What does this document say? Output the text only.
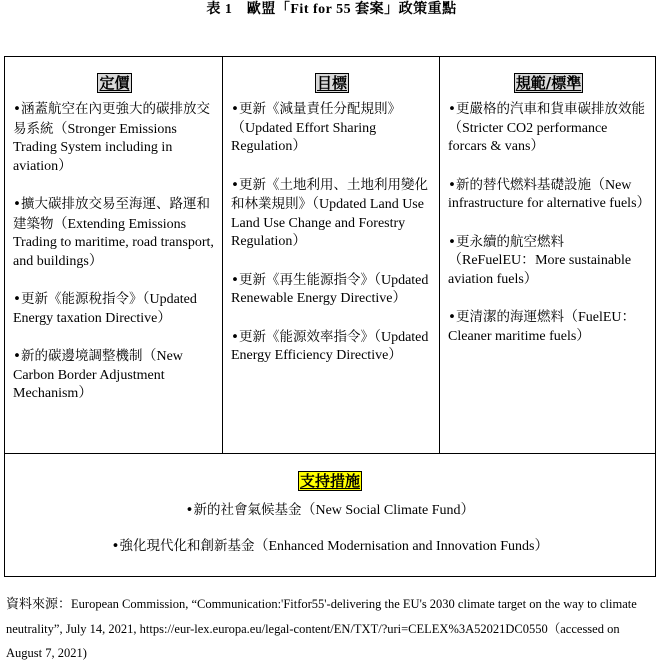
表 1　歐盟「Fit for 55 套案」政策重點
定價
•涵蓋航空在內更強大的碳排放交易系統（Stronger Emissions Trading System including in aviation）
•擴大碳排放交易至海運、路運和建築物（Extending Emissions Trading to maritime, road transport, and buildings）
•更新《能源稅指令》（Updated Energy taxation Directive）
•新的碳邊境調整機制（New Carbon Border Adjustment Mechanism）
目標
•更新《減量責任分配規則》（Updated Effort Sharing Regulation）
•更新《土地利用、土地利用變化和林業規則》（Updated Land Use Land Use Change and Forestry Regulation）
•更新《再生能源指令》（Updated Renewable Energy Directive）
•更新《能源效率指令》（Updated Energy Efficiency Directive）
規範/標準
•更嚴格的汽車和貨車碳排放效能（Stricter CO2 performance forcars & vans）
•新的替代燃料基礎設施（New infrastructure for alternative fuels）
•更永續的航空燃料（ReFuelEU：More sustainable aviation fuels）
•更清潔的海運燃料（FuelEU：Cleaner maritime fuels）
支持措施
•新的社會氣候基金（New Social Climate Fund）
•強化現代化和創新基金（Enhanced Modernisation and Innovation Funds）
資料來源：European Commission, “Communication:'Fitfor55'-delivering the EU's 2030 climate target on the way to climate neutrality”, July 14, 2021, https://eur-lex.europa.eu/legal-content/EN/TXT/?uri=CELEX%3A52021DC0550（accessed on August 7, 2021)
